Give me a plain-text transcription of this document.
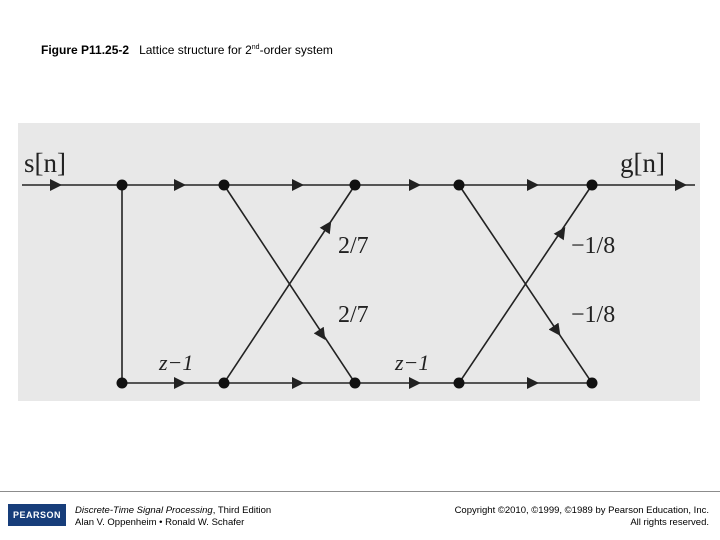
Figure P11.25-2 Lattice structure for 2nd-order system
s[n]	g[n]
2/7
2/7
z−1
−1/8
−1/8
z−1
PEARSON	Discrete-Time Signal Processing, Third Edition
Alan V. Oppenheim • Ronald W. Schafer
Copyright ©2010, ©1999, ©1989 by Pearson Education, Inc.
All rights reserved.
